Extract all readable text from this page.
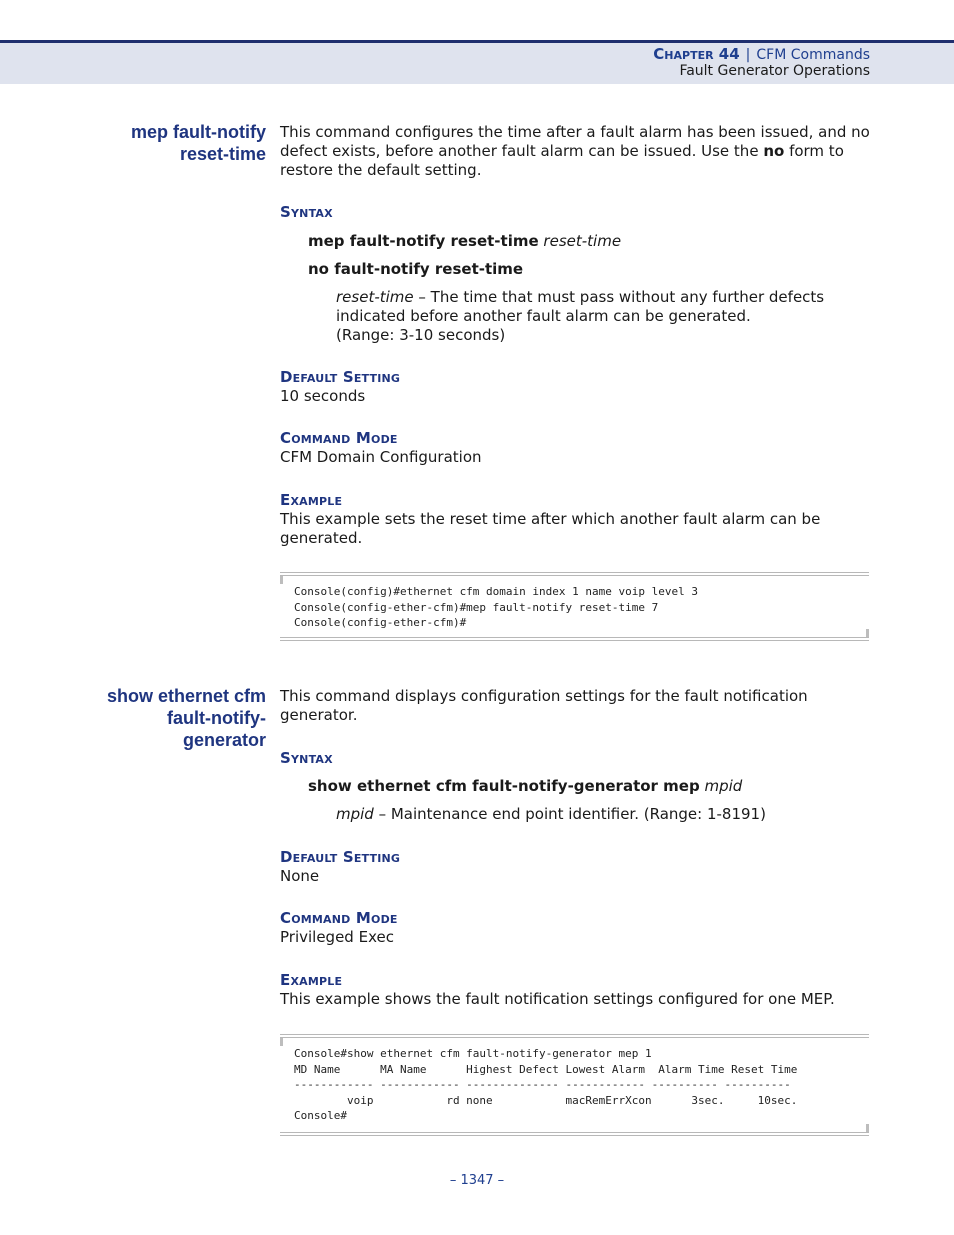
Chapter 44 | CFM Commands
Fault Generator Operations
mep fault-notify
reset-time
This command configures the time after a fault alarm has been issued, and no defect exists, before another fault alarm can be issued. Use the no form to restore the default setting.
Syntax
mep fault-notify reset-time reset-time
no fault-notify reset-time
reset-time – The time that must pass without any further defects indicated before another fault alarm can be generated.
(Range: 3-10 seconds)
Default Setting
10 seconds
Command Mode
CFM Domain Configuration
Example
This example sets the reset time after which another fault alarm can be generated.
Console(config)#ethernet cfm domain index 1 name voip level 3
Console(config-ether-cfm)#mep fault-notify reset-time 7
Console(config-ether-cfm)#
show ethernet cfm
fault-notify-
generator
This command displays configuration settings for the fault notification generator.
Syntax
show ethernet cfm fault-notify-generator mep mpid
mpid – Maintenance end point identifier. (Range: 1-8191)
Default Setting
None
Command Mode
Privileged Exec
Example
This example shows the fault notification settings configured for one MEP.
Console#show ethernet cfm fault-notify-generator mep 1
MD Name      MA Name      Highest Defect Lowest Alarm  Alarm Time Reset Time
------------ ------------ -------------- ------------ ---------- ----------
voip           rd none           macRemErrXcon      3sec.     10sec.
Console#
– 1347 –
